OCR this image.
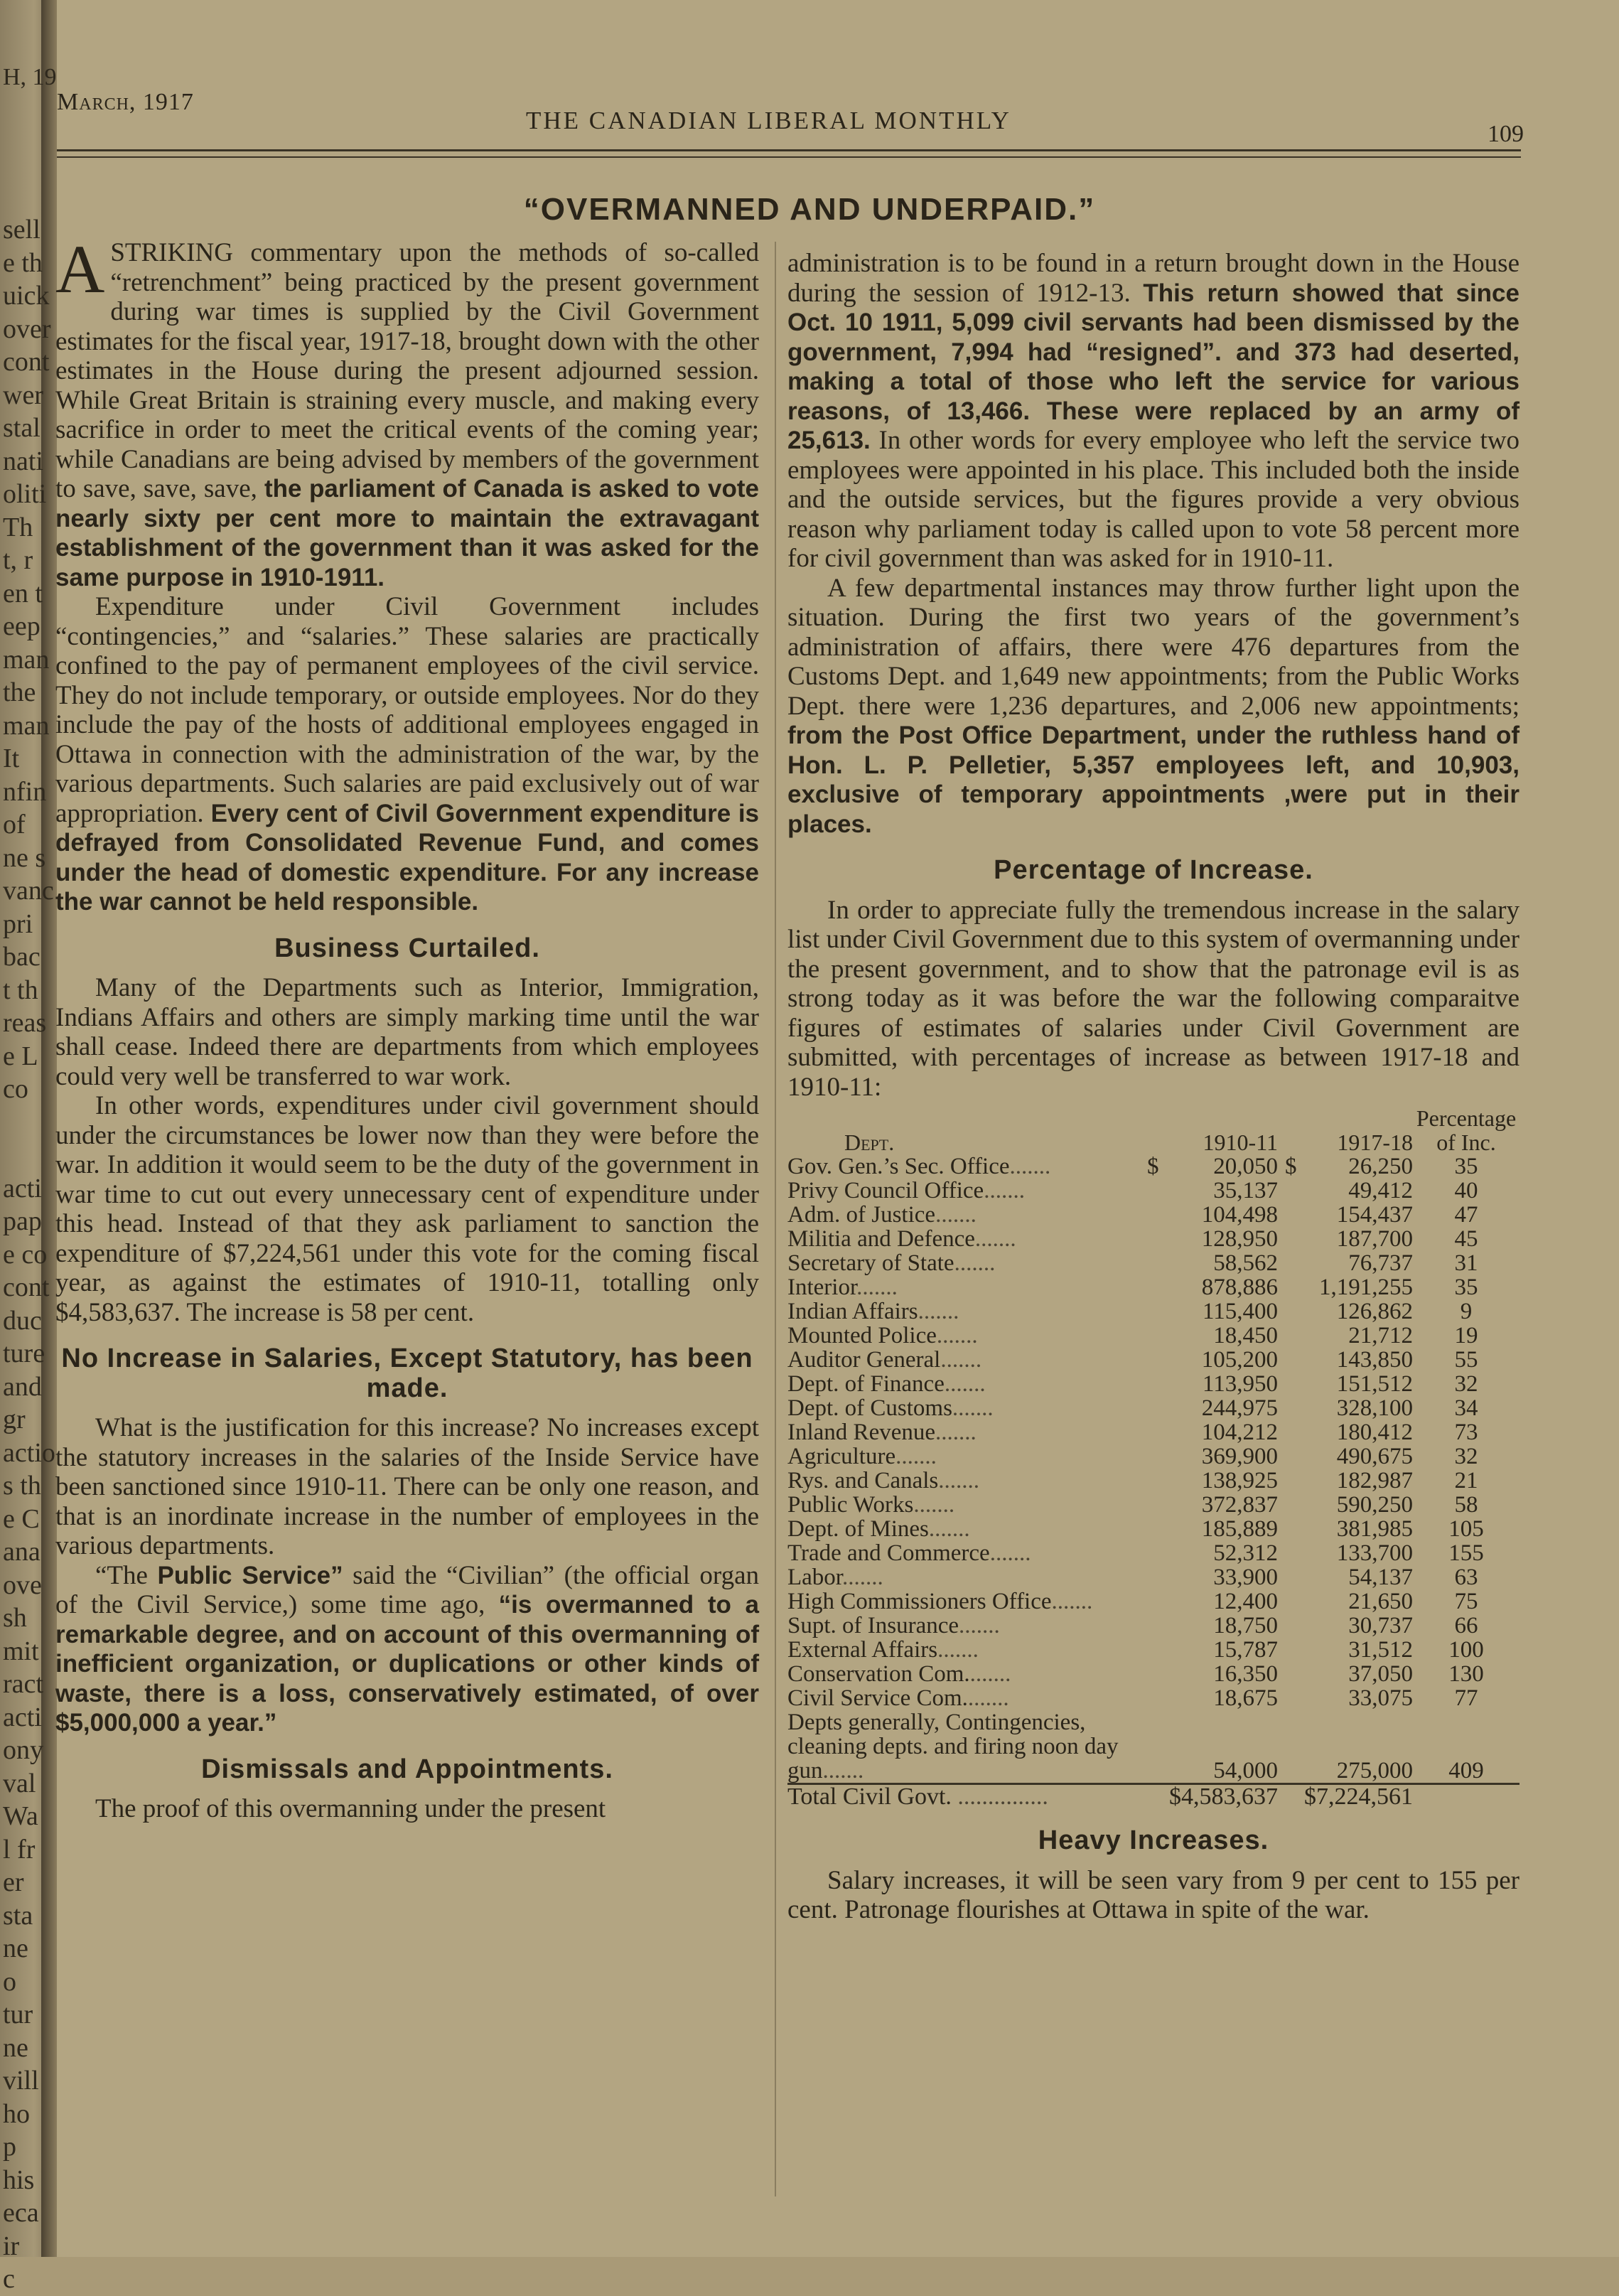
H, 19
sell
e th
uick
over
cont
wer
stal
nati
oliti
Th
t, r
en t
eep
man
the
man
It
nfin
of
ne s
vanc
pri
bac
t th
reas
e L
co
acti
pap
e co
cont
duc
ture
and
gr
actio
s th
e C
ana
ove
sh
mit
ract
acti
ony
val
Wa
l fr
er
sta
ne
o
tur
ne
vill
ho
p
his
eca
ir
c
March, 1917
THE CANADIAN LIBERAL MONTHLY	109
“OVERMANNED AND UNDERPAID.”

ASTRIKING commentary upon the methods of so-called “retrenchment” being practiced by the present government during war times is supplied by the Civil Government estimates for the fiscal year, 1917-18, brought down with the other estimates in the House during the present adjourned session. While Great Britain is straining every muscle, and making every sacrifice in order to meet the critical events of the coming year; while Canadians are being advised by members of the government to save, save, save, the parliament of Canada is asked to vote nearly sixty per cent more to maintain the extravagant establishment of the government than it was asked for the same purpose in 1910-1911.

Expenditure under Civil Government includes “contingencies,” and “salaries.” These salaries are practically confined to the pay of permanent employees of the civil service. They do not include temporary, or outside employees. Nor do they include the pay of the hosts of additional employees engaged in Ottawa in connection with the administration of the war, by the various departments. Such salaries are paid exclusively out of war appropriation. Every cent of Civil Government expenditure is defrayed from Consolidated Revenue Fund, and comes under the head of domestic expenditure. For any increase the war cannot be held responsible.

Business Curtailed.

Many of the Departments such as Interior, Immigration, Indians Affairs and others are simply marking time until the war shall cease. Indeed there are departments from which employees could very well be transferred to war work.

In other words, expenditures under civil government should under the circumstances be lower now than they were before the war. In addition it would seem to be the duty of the government in war time to cut out every unnecessary cent of expenditure under this head. Instead of that they ask parliament to sanction the expenditure of $7,224,561 under this vote for the coming fiscal year, as against the estimates of 1910-11, totalling only $4,583,637. The increase is 58 per cent.

No Increase in Salaries, Except Statutory, has been made.

What is the justification for this increase? No increases except the statutory increases in the salaries of the Inside Service have been sanctioned since 1910-11. There can be only one reason, and that is an inordinate increase in the number of employees in the various departments.

“The Public Service” said the “Civilian” (the official organ of the Civil Service,) some time ago, “is overmanned to a remarkable degree, and on account of this overmanning of inefficient organization, or duplications or other kinds of waste, there is a loss, conservatively estimated, of over $5,000,000 a year.”

Dismissals and Appointments.

The proof of this overmanning under the present

administration is to be found in a return brought down in the House during the session of 1912-13. This return showed that since Oct. 10 1911, 5,099 civil servants had been dismissed by the government, 7,994 had “resigned”. and 373 had deserted, making a total of those who left the service for various reasons, of 13,466. These were replaced by an army of 25,613. In other words for every employee who left the service two employees were appointed in his place. This included both the inside and the outside services, but the figures provide a very obvious reason why parliament today is called upon to vote 58 percent more for civil government than was asked for in 1910-11.

A few departmental instances may throw further light upon the situation. During the first two years of the government’s administration of affairs, there were 476 departures from the Customs Dept. and 1,649 new appointments; from the Public Works Dept. there were 1,236 departures, and 2,006 new appointments; from the Post Office Department, under the ruthless hand of Hon. L. P. Pelletier, 5,357 employees left, and 10,903, exclusive of temporary appointments ,were put in their places.

Percentage of Increase.

In order to appreciate fully the tremendous increase in the salary list under Civil Government due to this system of overmanning under the present government, and to show that the patronage evil is as strong today as it was before the war the following comparaitve figures of estimates of salaries under Civil Government are submitted, with percentages of increase as between 1917-18 and 1910-11:

Dept.	1910-11	1917-18	Percentage of Inc.
Gov. Gen.’s Sec. Office.......	$ 20,050	$ 26,250	35
Privy Council Office.......	35,137	49,412	40
Adm. of Justice.......	104,498	154,437	47
Militia and Defence.......	128,950	187,700	45
Secretary of State.......	58,562	76,737	31
Interior.......	878,886	1,191,255	35
Indian Affairs.......	115,400	126,862	9
Mounted Police.......	18,450	21,712	19
Auditor General.......	105,200	143,850	55
Dept. of Finance.......	113,950	151,512	32
Dept. of Customs.......	244,975	328,100	34
Inland Revenue.......	104,212	180,412	73
Agriculture.......	369,900	490,675	32
Rys. and Canals.......	138,925	182,987	21
Public Works.......	372,837	590,250	58
Dept. of Mines.......	185,889	381,985	105
Trade and Commerce.......	52,312	133,700	155
Labor.......	33,900	54,137	63
High Commissioners Office.......	12,400	21,650	75
Supt. of Insurance.......	18,750	30,737	66
External Affairs.......	15,787	31,512	100
Conservation Com........	16,350	37,050	130
Civil Service Com........	18,675	33,075	77
Depts generally, Contingencies, cleaning depts. and firing noon day gun.......	54,000	275,000	409
Total Civil Govt. ...............	$4,583,637	$7,224,561	
Heavy Increases.

Salary increases, it will be seen vary from 9 per cent to 155 per cent. Patronage flourishes at Ottawa in spite of the war.
